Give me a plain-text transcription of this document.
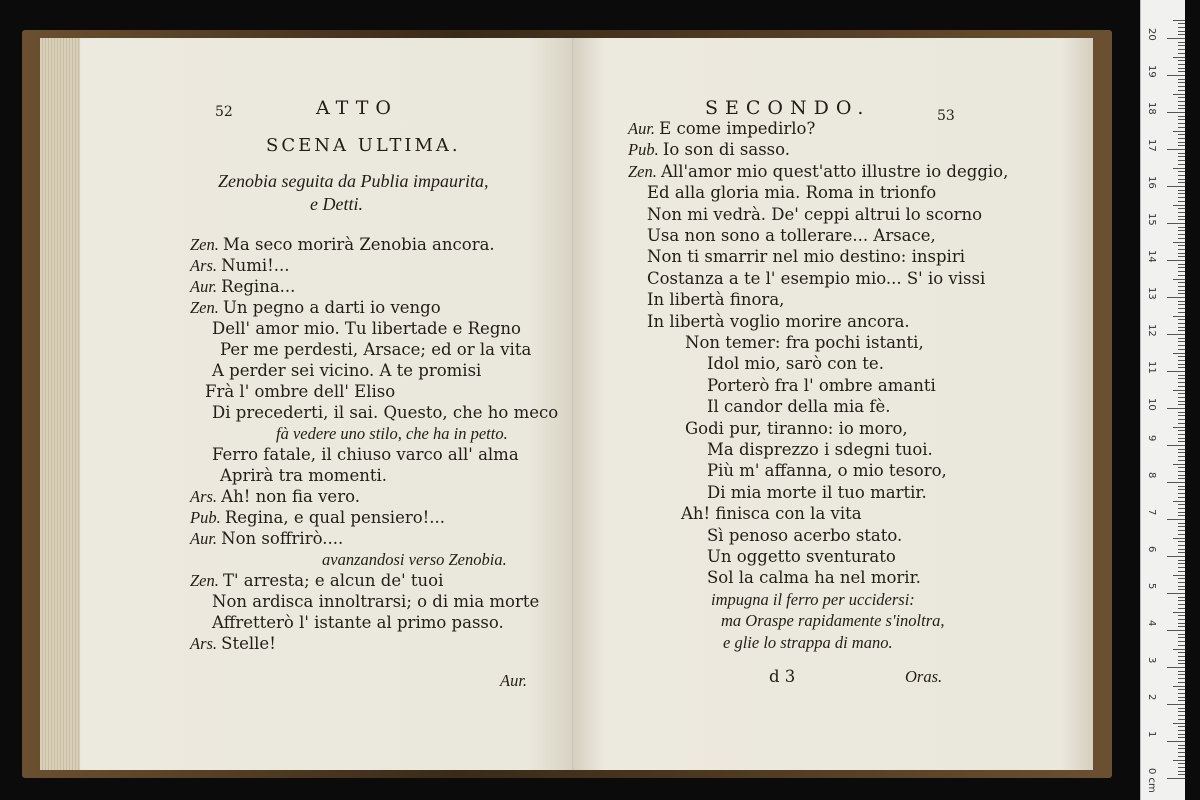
52	ATTO
SCENA ULTIMA.
Zenobia seguita da Publia impaurita,
e Detti.
Zen. Ma seco morirà Zenobia ancora.
Ars. Numi!...
Aur. Regina...
Zen. Un pegno a darti io vengo
Dell' amor mio. Tu libertade e Regno
Per me perdesti, Arsace; ed or la vita
A perder sei vicino. A te promisi
Frà l' ombre dell' Eliso
Di precederti, il sai. Questo, che ho meco
fà vedere uno stilo, che ha in petto.
Ferro fatale, il chiuso varco all' alma
Aprirà tra momenti.
Ars. Ah! non fia vero.
Pub. Regina, e qual pensiero!...
Aur. Non soffrirò....
avanzandosi verso Zenobia.
Zen. T' arresta; e alcun de' tuoi
Non ardisca innoltrarsi; o di mia morte
Affretterò l' istante al primo passo.
Ars. Stelle!
Aur.
SECONDO.	53
Aur. E come impedirlo?
Pub. Io son di sasso.
Zen. All'amor mio quest'atto illustre io deggio,
Ed alla gloria mia. Roma in trionfo
Non mi vedrà. De' ceppi altrui lo scorno
Usa non sono a tollerare... Arsace,
Non ti smarrir nel mio destino: inspiri
Costanza a te l' esempio mio... S' io vissi
In libertà finora,
In libertà voglio morire ancora.
Non temer: fra pochi istanti,
Idol mio, sarò con te.
Porterò fra l' ombre amanti
Il candor della mia fè.
Godi pur, tiranno: io moro,
Ma disprezzo i sdegni tuoi.
Più m' affanna, o mio tesoro,
Di mia morte il tuo martir.
Ah! finisca con la vita
Sì penoso acerbo stato.
Un oggetto sventurato
Sol la calma ha nel morir.
impugna il ferro per uccidersi:
ma Oraspe rapidamente s'inoltra,
e glie lo strappa di mano.
d 3	Oras.
0 cm
1
2
3
4
5
6
7
8
9
10
11
12
13
14
15
16
17
18
19
20
